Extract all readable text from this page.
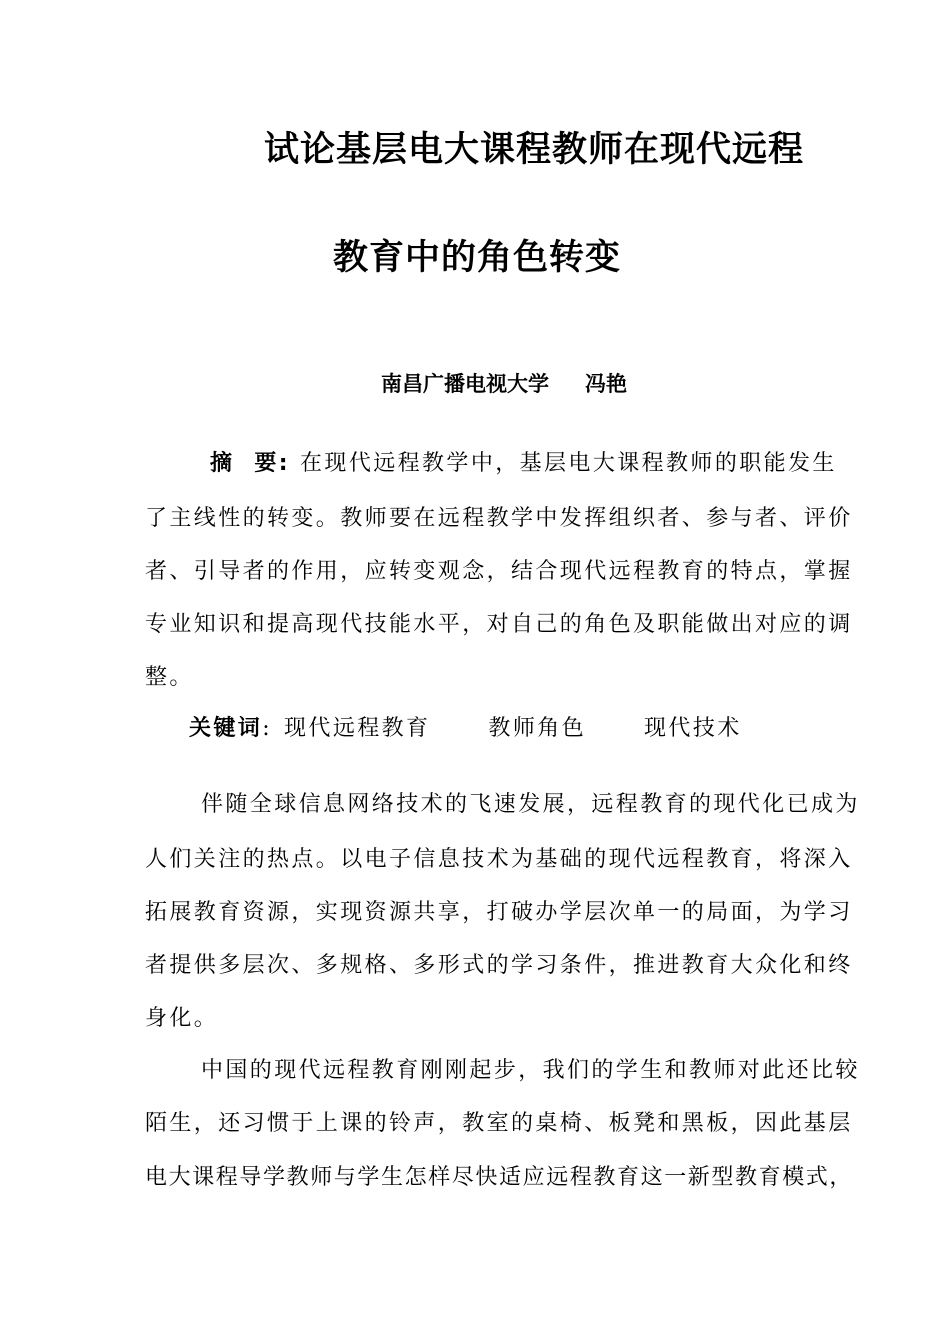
试论基层电大课程教师在现代远程
教育中的角色转变
南昌广播电视大学 冯艳
摘 要: 在现代远程教学中，基层电大课程教师的职能发生
了主线性的转变。教师要在远程教学中发挥组织者、参与者、评价
者、引导者的作用，应转变观念，结合现代远程教育的特点，掌握
专业知识和提高现代技能水平，对自己的角色及职能做出对应的调
整。
关键词: 现代远程教育	教师角色	现代技术
伴随全球信息网络技术的飞速发展，远程教育的现代化已成为
人们关注的热点。以电子信息技术为基础的现代远程教育，将深入
拓展教育资源，实现资源共享，打破办学层次单一的局面，为学习
者提供多层次、多规格、多形式的学习条件，推进教育大众化和终
身化。
中国的现代远程教育刚刚起步，我们的学生和教师对此还比较
陌生，还习惯于上课的铃声，教室的桌椅、板凳和黑板，因此基层
电大课程导学教师与学生怎样尽快适应远程教育这一新型教育模式，
